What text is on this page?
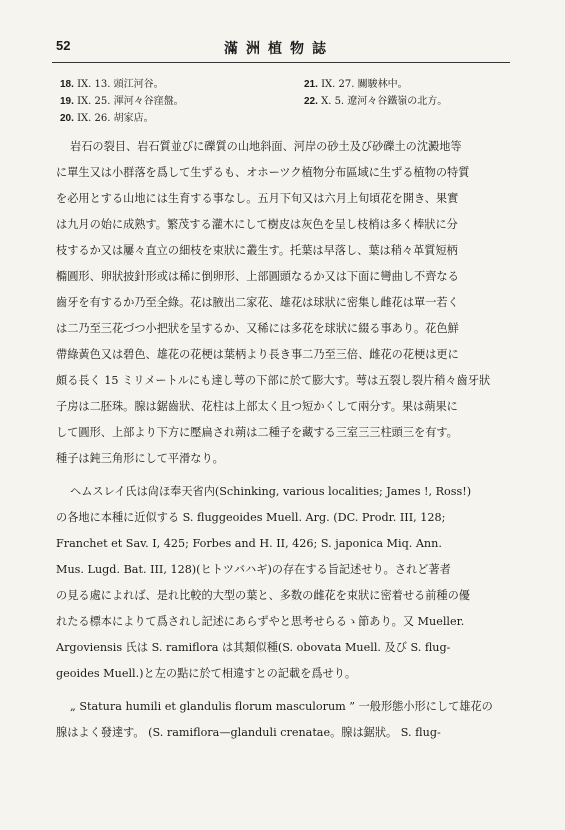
52	滿洲植物誌
18. IX. 13. 頭江河谷。	21. IX. 27. 關駿林中。
19. IX. 25. 渾河々谷窪盤。	22. X. 5. 遼河々谷鐵嶺の北方。
20. IX. 26. 胡家店。
岩石の裂目、岩石質並びに礫質の山地斜面、河岸の砂土及び砂礫土の沈澱地等
に單生又は小群落を爲して生ずるも、オホーツク植物分布區域に生ずる植物の特質
を必用とする山地には生育する事なし。五月下旬又は六月上旬頃花を開き、果實
は九月の始に成熟す。繁茂する灌木にして樹皮は灰色を呈し枝梢は多く棒狀に分
枝するか又は屢々直立の細枝を束狀に叢生す。托葉は早落し、葉は稍々革質短柄
橢圓形、卵狀披針形或は稀に倒卵形、上部圓頭なるか又は下面に彎曲し不齊なる
齒牙を有するか乃至全綠。花は腋出二家花、雄花は球狀に密集し雌花は單一若く
は二乃至三花づつ小把狀を呈するか、又稀には多花を球狀に綴る事あり。花色鮮
帶綠黃色又は碧色、雄花の花梗は葉柄より長き事二乃至三倍、雌花の花梗は更に
頗る長く 15 ミリメートルにも達し萼の下部に於て膨大す。萼は五裂し裂片稍々齒牙狀
子房は二胚珠。腺は鋸齒狀、花柱は上部太く且つ短かくして兩分す。果は蒴果に
して圓形、上部より下方に壓扁され蒴は二種子を藏する三室三三柱頭三を有す。
種子は鈍三角形にして平滑なり。
ヘムスレイ氏は尙ほ奉天省内(Schinking, various localities; James !, Ross!)
の各地に本種に近似する S. fluggeoides Muell. Arg. (DC. Prodr. III, 128;
Franchet et Sav. I, 425; Forbes and H. II, 426; S. japonica Miq. Ann.
Mus. Lugd. Bat. III, 128)(ヒトツバハギ)の存在する旨記述せり。されど著者
の見る處によれば、是れ比較的大型の葉と、多数の雌花を束狀に密着せる前種の優
れたる標本によりて爲されし記述にあらずやと思考せらるゝ節あり。又 Mueller.
Argoviensis 氏は S. ramiflora は其類似種(S. obovata Muell. 及び S. flug-
geoides Muell.)と左の點に於て相違すとの記載を爲せり。
„ Statura humili et glandulis florum masculorum ” 一般形態小形にして雄花の
腺はよく發達す。 (S. ramiflora—glanduli crenatae。腺は鋸狀。 S. flug-
